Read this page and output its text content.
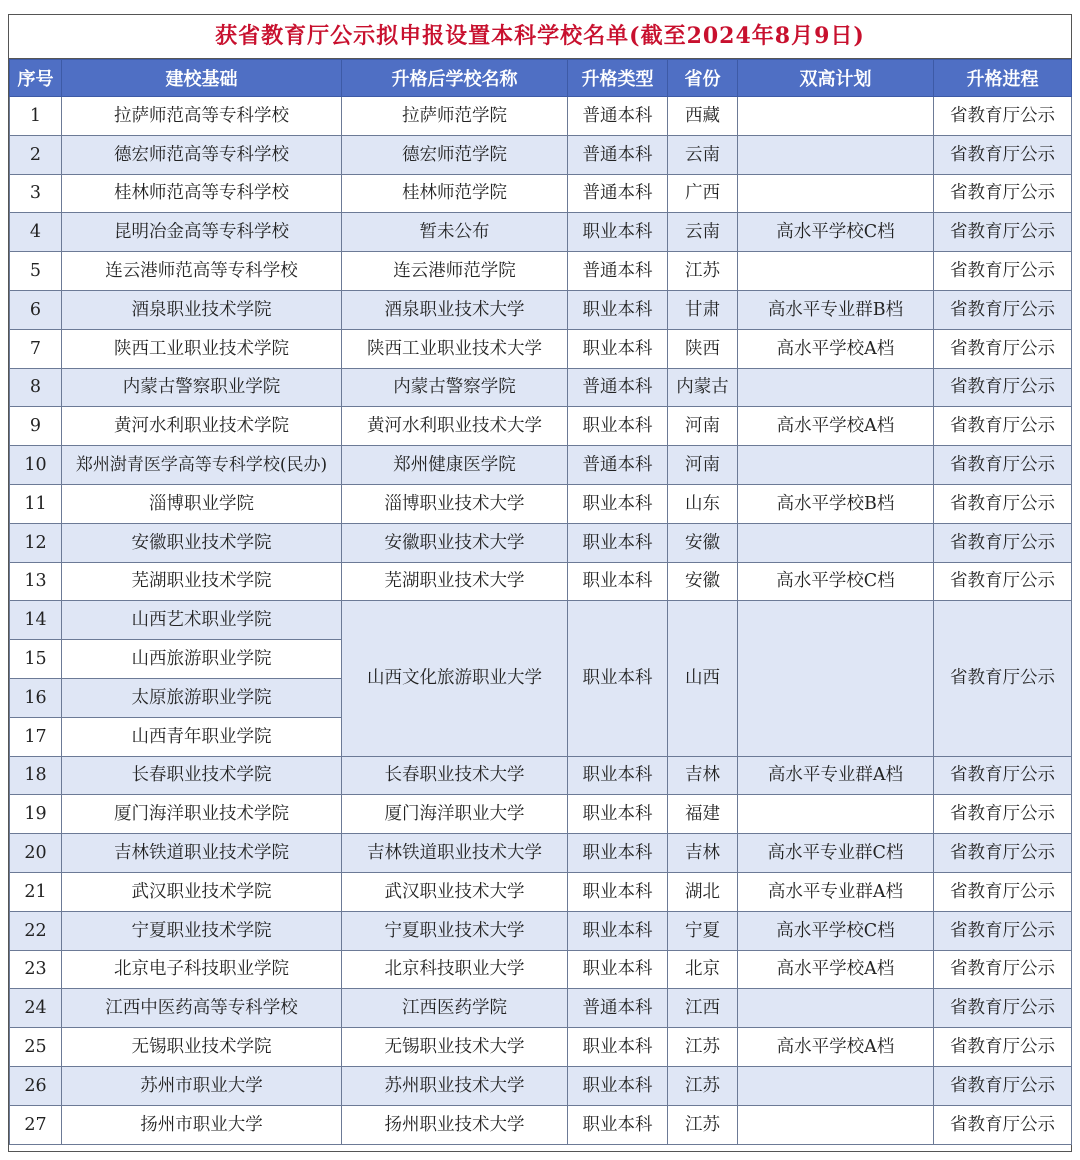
获省教育厅公示拟申报设置本科学校名单(截至2024年8月9日)
序号	建校基础	升格后学校名称	升格类型	省份	双高计划	升格进程
1	拉萨师范高等专科学校	拉萨师范学院	普通本科	西藏		省教育厅公示
2	德宏师范高等专科学校	德宏师范学院	普通本科	云南		省教育厅公示
3	桂林师范高等专科学校	桂林师范学院	普通本科	广西		省教育厅公示
4	昆明冶金高等专科学校	暂未公布	职业本科	云南	高水平学校C档	省教育厅公示
5	连云港师范高等专科学校	连云港师范学院	普通本科	江苏		省教育厅公示
6	酒泉职业技术学院	酒泉职业技术大学	职业本科	甘肃	高水平专业群B档	省教育厅公示
7	陕西工业职业技术学院	陕西工业职业技术大学	职业本科	陕西	高水平学校A档	省教育厅公示
8	内蒙古警察职业学院	内蒙古警察学院	普通本科	内蒙古		省教育厅公示
9	黄河水利职业技术学院	黄河水利职业技术大学	职业本科	河南	高水平学校A档	省教育厅公示
10	郑州澍青医学高等专科学校(民办)	郑州健康医学院	普通本科	河南		省教育厅公示
11	淄博职业学院	淄博职业技术大学	职业本科	山东	高水平学校B档	省教育厅公示
12	安徽职业技术学院	安徽职业技术大学	职业本科	安徽		省教育厅公示
13	芜湖职业技术学院	芜湖职业技术大学	职业本科	安徽	高水平学校C档	省教育厅公示
14	山西艺术职业学院	山西文化旅游职业大学	职业本科	山西		省教育厅公示
15	山西旅游职业学院					
16	太原旅游职业学院					
17	山西青年职业学院					
18	长春职业技术学院	长春职业技术大学	职业本科	吉林	高水平专业群A档	省教育厅公示
19	厦门海洋职业技术学院	厦门海洋职业大学	职业本科	福建		省教育厅公示
20	吉林铁道职业技术学院	吉林铁道职业技术大学	职业本科	吉林	高水平专业群C档	省教育厅公示
21	武汉职业技术学院	武汉职业技术大学	职业本科	湖北	高水平专业群A档	省教育厅公示
22	宁夏职业技术学院	宁夏职业技术大学	职业本科	宁夏	高水平学校C档	省教育厅公示
23	北京电子科技职业学院	北京科技职业大学	职业本科	北京	高水平学校A档	省教育厅公示
24	江西中医药高等专科学校	江西医药学院	普通本科	江西		省教育厅公示
25	无锡职业技术学院	无锡职业技术大学	职业本科	江苏	高水平学校A档	省教育厅公示
26	苏州市职业大学	苏州职业技术大学	职业本科	江苏		省教育厅公示
27	扬州市职业大学	扬州职业技术大学	职业本科	江苏		省教育厅公示
